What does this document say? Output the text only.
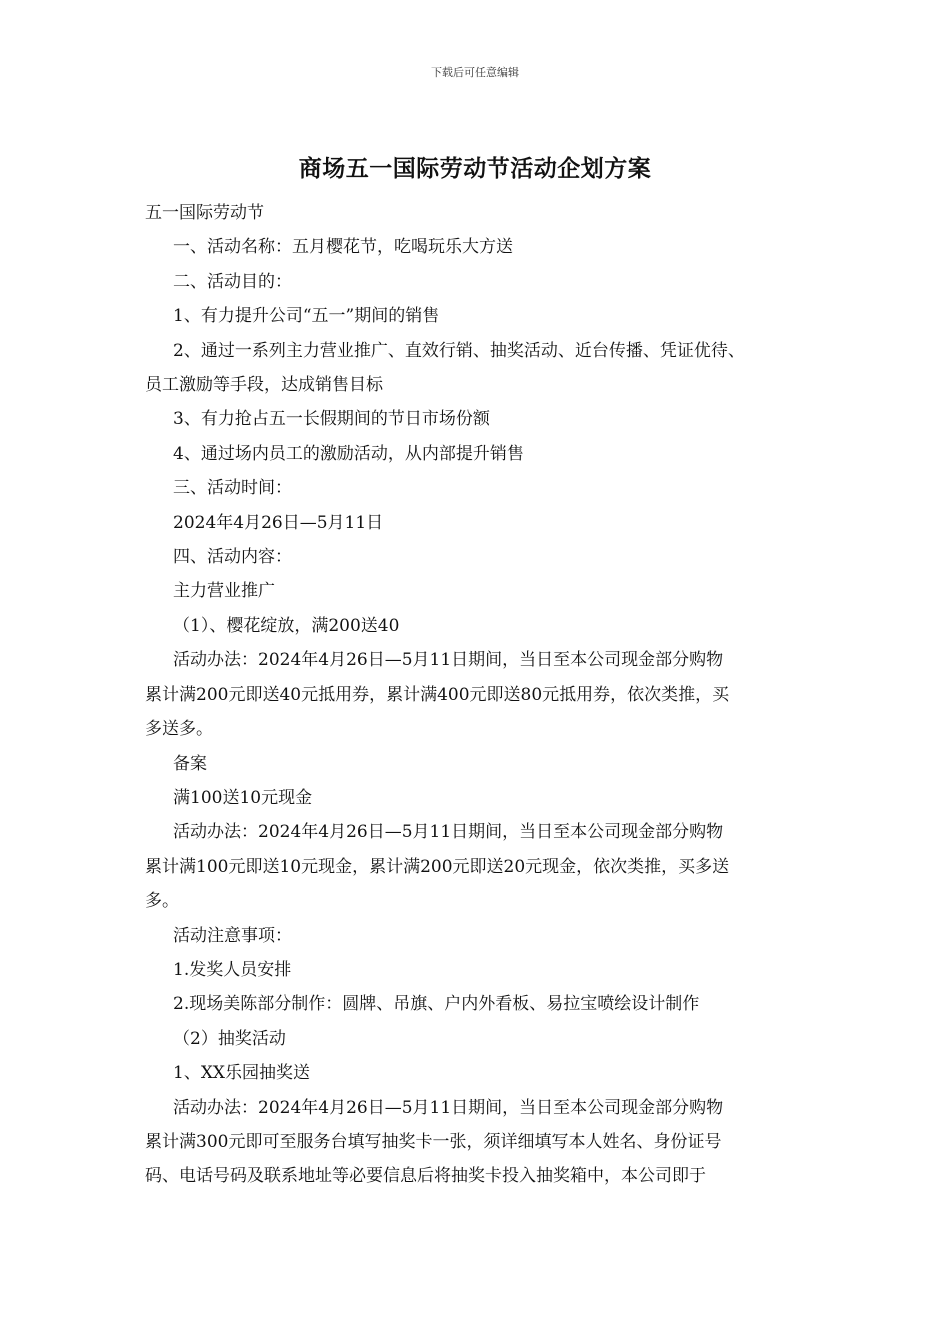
下载后可任意编辑
商场五一国际劳动节活动企划方案

五一国际劳动节

一、活动名称：五月樱花节，吃喝玩乐大方送

二、活动目的：

1、有力提升公司“五一”期间的销售

2、通过一系列主力营业推广、直效行销、抽奖活动、近台传播、凭证优待、

员工激励等手段，达成销售目标

3、有力抢占五一长假期间的节日市场份额

4、通过场内员工的激励活动，从内部提升销售

三、活动时间：

2024年4月26日—5月11日

四、活动内容：

主力营业推广

（1）、樱花绽放，满200送40

活动办法：2024年4月26日—5月11日期间，当日至本公司现金部分购物

累计满200元即送40元抵用券，累计满400元即送80元抵用券，依次类推，买

多送多。

备案

满100送10元现金

活动办法：2024年4月26日—5月11日期间，当日至本公司现金部分购物

累计满100元即送10元现金，累计满200元即送20元现金，依次类推，买多送

多。

活动注意事项：

1.发奖人员安排

2.现场美陈部分制作：圆牌、吊旗、户内外看板、易拉宝喷绘设计制作

（2）抽奖活动

1、XX乐园抽奖送

活动办法：2024年4月26日—5月11日期间，当日至本公司现金部分购物

累计满300元即可至服务台填写抽奖卡一张，须详细填写本人姓名、身份证号

码、电话号码及联系地址等必要信息后将抽奖卡投入抽奖箱中，本公司即于
